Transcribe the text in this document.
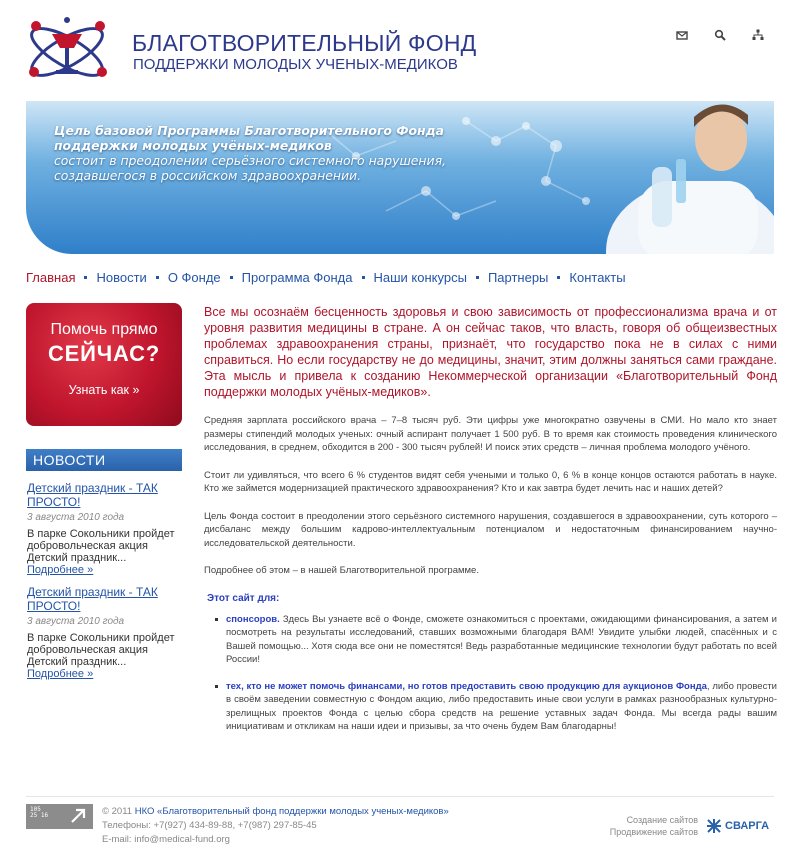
БЛАГОТВОРИТЕЛЬНЫЙ ФОНД
ПОДДЕРЖКИ МОЛОДЫХ УЧЕНЫХ-МЕДИКОВ
Цель базовой Программы Благотворительного Фонда поддержки молодых учёных-медиков
состоит в преодолении серьёзного системного нарушения, создавшегося в российском здравоохранении.
Главная Новости О Фонде Программа Фонда Наши конкурсы Партнеры Контакты
Помочь прямо
СЕЙЧАС?
Узнать как »
НОВОСТИ
Детский праздник - ТАК ПРОСТО!
3 августа 2010 года
В парке Сокольники пройдет добровольческая акция Детский праздник... Подробнее »
Детский праздник - ТАК ПРОСТО!
3 августа 2010 года
В парке Сокольники пройдет добровольческая акция Детский праздник... Подробнее »

Все мы осознаём бесценность здоровья и свою зависимость от профессионализма врача и от уровня развития медицины в стране. А он сейчас таков, что власть, говоря об общеизвестных проблемах здравоохранения страны, признаёт, что государство пока не в силах с ними справиться. Но если государству не до медицины, значит, этим должны заняться сами граждане. Эта мысль и привела к созданию Некоммерческой организации «Благотворительный Фонд поддержки молодых учёных-медиков».

Средняя зарплата российского врача – 7–8 тысяч руб. Эти цифры уже многократно озвучены в СМИ. Но мало кто знает размеры стипендий молодых ученых: очный аспирант получает 1 500 руб. В то время как стоимость проведения клинического исследования, в среднем, обходится в 200 - 300 тысяч рублей! И поиск этих средств – личная проблема молодого учёного.

Стоит ли удивляться, что всего 6 % студентов видят себя учеными и только 0, 6 % в конце концов остаются работать в науке. Кто же займется модернизацией практического здравоохранения? Кто и как завтра будет лечить нас и наших детей?

Цель Фонда состоит в преодолении этого серьёзного системного нарушения, создавшегося в здравоохранении, суть которого – дисбаланс между большим кадрово-интеллектуальным потенциалом и недостаточным финансированием научно-исследовательской деятельности.

Подробнее об этом – в нашей Благотворительной программе.

Этот сайт для:
спонсоров. Здесь Вы узнаете всё о Фонде, сможете ознакомиться с проектами, ожидающими финансирования, а затем и посмотреть на результаты исследований, ставших возможными благодаря ВАМ! Увидите улыбки людей, спасённых и с Вашей помощью... Хотя сюда все они не поместятся! Ведь разработанные медицинские технологии будут работать по всей России!
тех, кто не может помочь финансами, но готов предоставить свою продукцию для аукционов Фонда, либо провести в своём заведении совместную с Фондом акцию, либо предоставить иные свои услуги в рамках разнообразных культурно-зрелищных проектов Фонда с целью сбора средств на решение уставных задач Фонда. Мы всегда рады вашим инициативам и откликам на наши идеи и призывы, за что очень будем Вам благодарны!
105 25 16	© 2011 НКО «Благотворительный фонд поддержки молодых ученых-медиков»
Телефоны: +7(927) 434-89-88, +7(987) 297-85-45
E-mail: info@medical-fund.org
Создание сайтов
Продвижение сайтов СВАРГА
